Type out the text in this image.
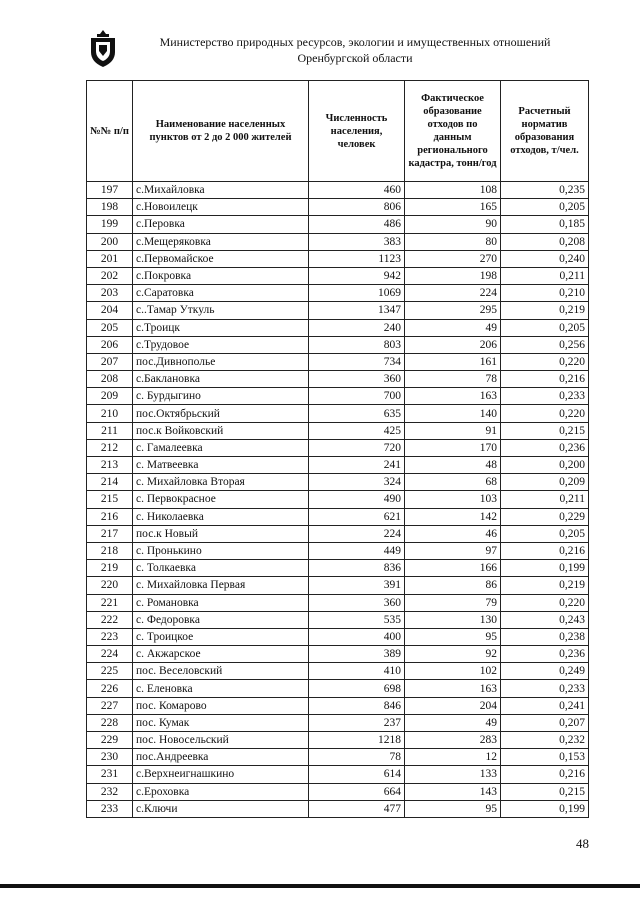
Министерство природных ресурсов, экологии и имущественных отношений
Оренбургской области
№№ п/п	Наименование населенных пунктов от 2 до 2 000 жителей	Численность населения, человек	Фактическое образование отходов по данным регионального кадастра, тонн/год	Расчетный норматив образования отходов, т/чел.
197	с.Михайловка	460	108	0,235
198	с.Новоилецк	806	165	0,205
199	с.Перовка	486	90	0,185
200	с.Мещеряковка	383	80	0,208
201	с.Первомайское	1123	270	0,240
202	с.Покровка	942	198	0,211
203	с.Саратовка	1069	224	0,210
204	с..Тамар Уткуль	1347	295	0,219
205	с.Троицк	240	49	0,205
206	с.Трудовое	803	206	0,256
207	пос.Дивнополье	734	161	0,220
208	с.Баклановка	360	78	0,216
209	с. Бурдыгино	700	163	0,233
210	пос.Октябрьский	635	140	0,220
211	пос.к Войковский	425	91	0,215
212	с. Гамалеевка	720	170	0,236
213	с. Матвеевка	241	48	0,200
214	с. Михайловка Вторая	324	68	0,209
215	с. Первокрасное	490	103	0,211
216	с. Николаевка	621	142	0,229
217	пос.к Новый	224	46	0,205
218	с. Пронькино	449	97	0,216
219	с. Толкаевка	836	166	0,199
220	с. Михайловка Первая	391	86	0,219
221	с. Романовка	360	79	0,220
222	с. Федоровка	535	130	0,243
223	с. Троицкое	400	95	0,238
224	с. Акжарское	389	92	0,236
225	пос. Веселовский	410	102	0,249
226	с. Еленовка	698	163	0,233
227	пос. Комарово	846	204	0,241
228	пос. Кумак	237	49	0,207
229	пос. Новосельский	1218	283	0,232
230	пос.Андреевка	78	12	0,153
231	с.Верхнеигнашкино	614	133	0,216
232	с.Ероховка	664	143	0,215
233	с.Ключи	477	95	0,199
48
